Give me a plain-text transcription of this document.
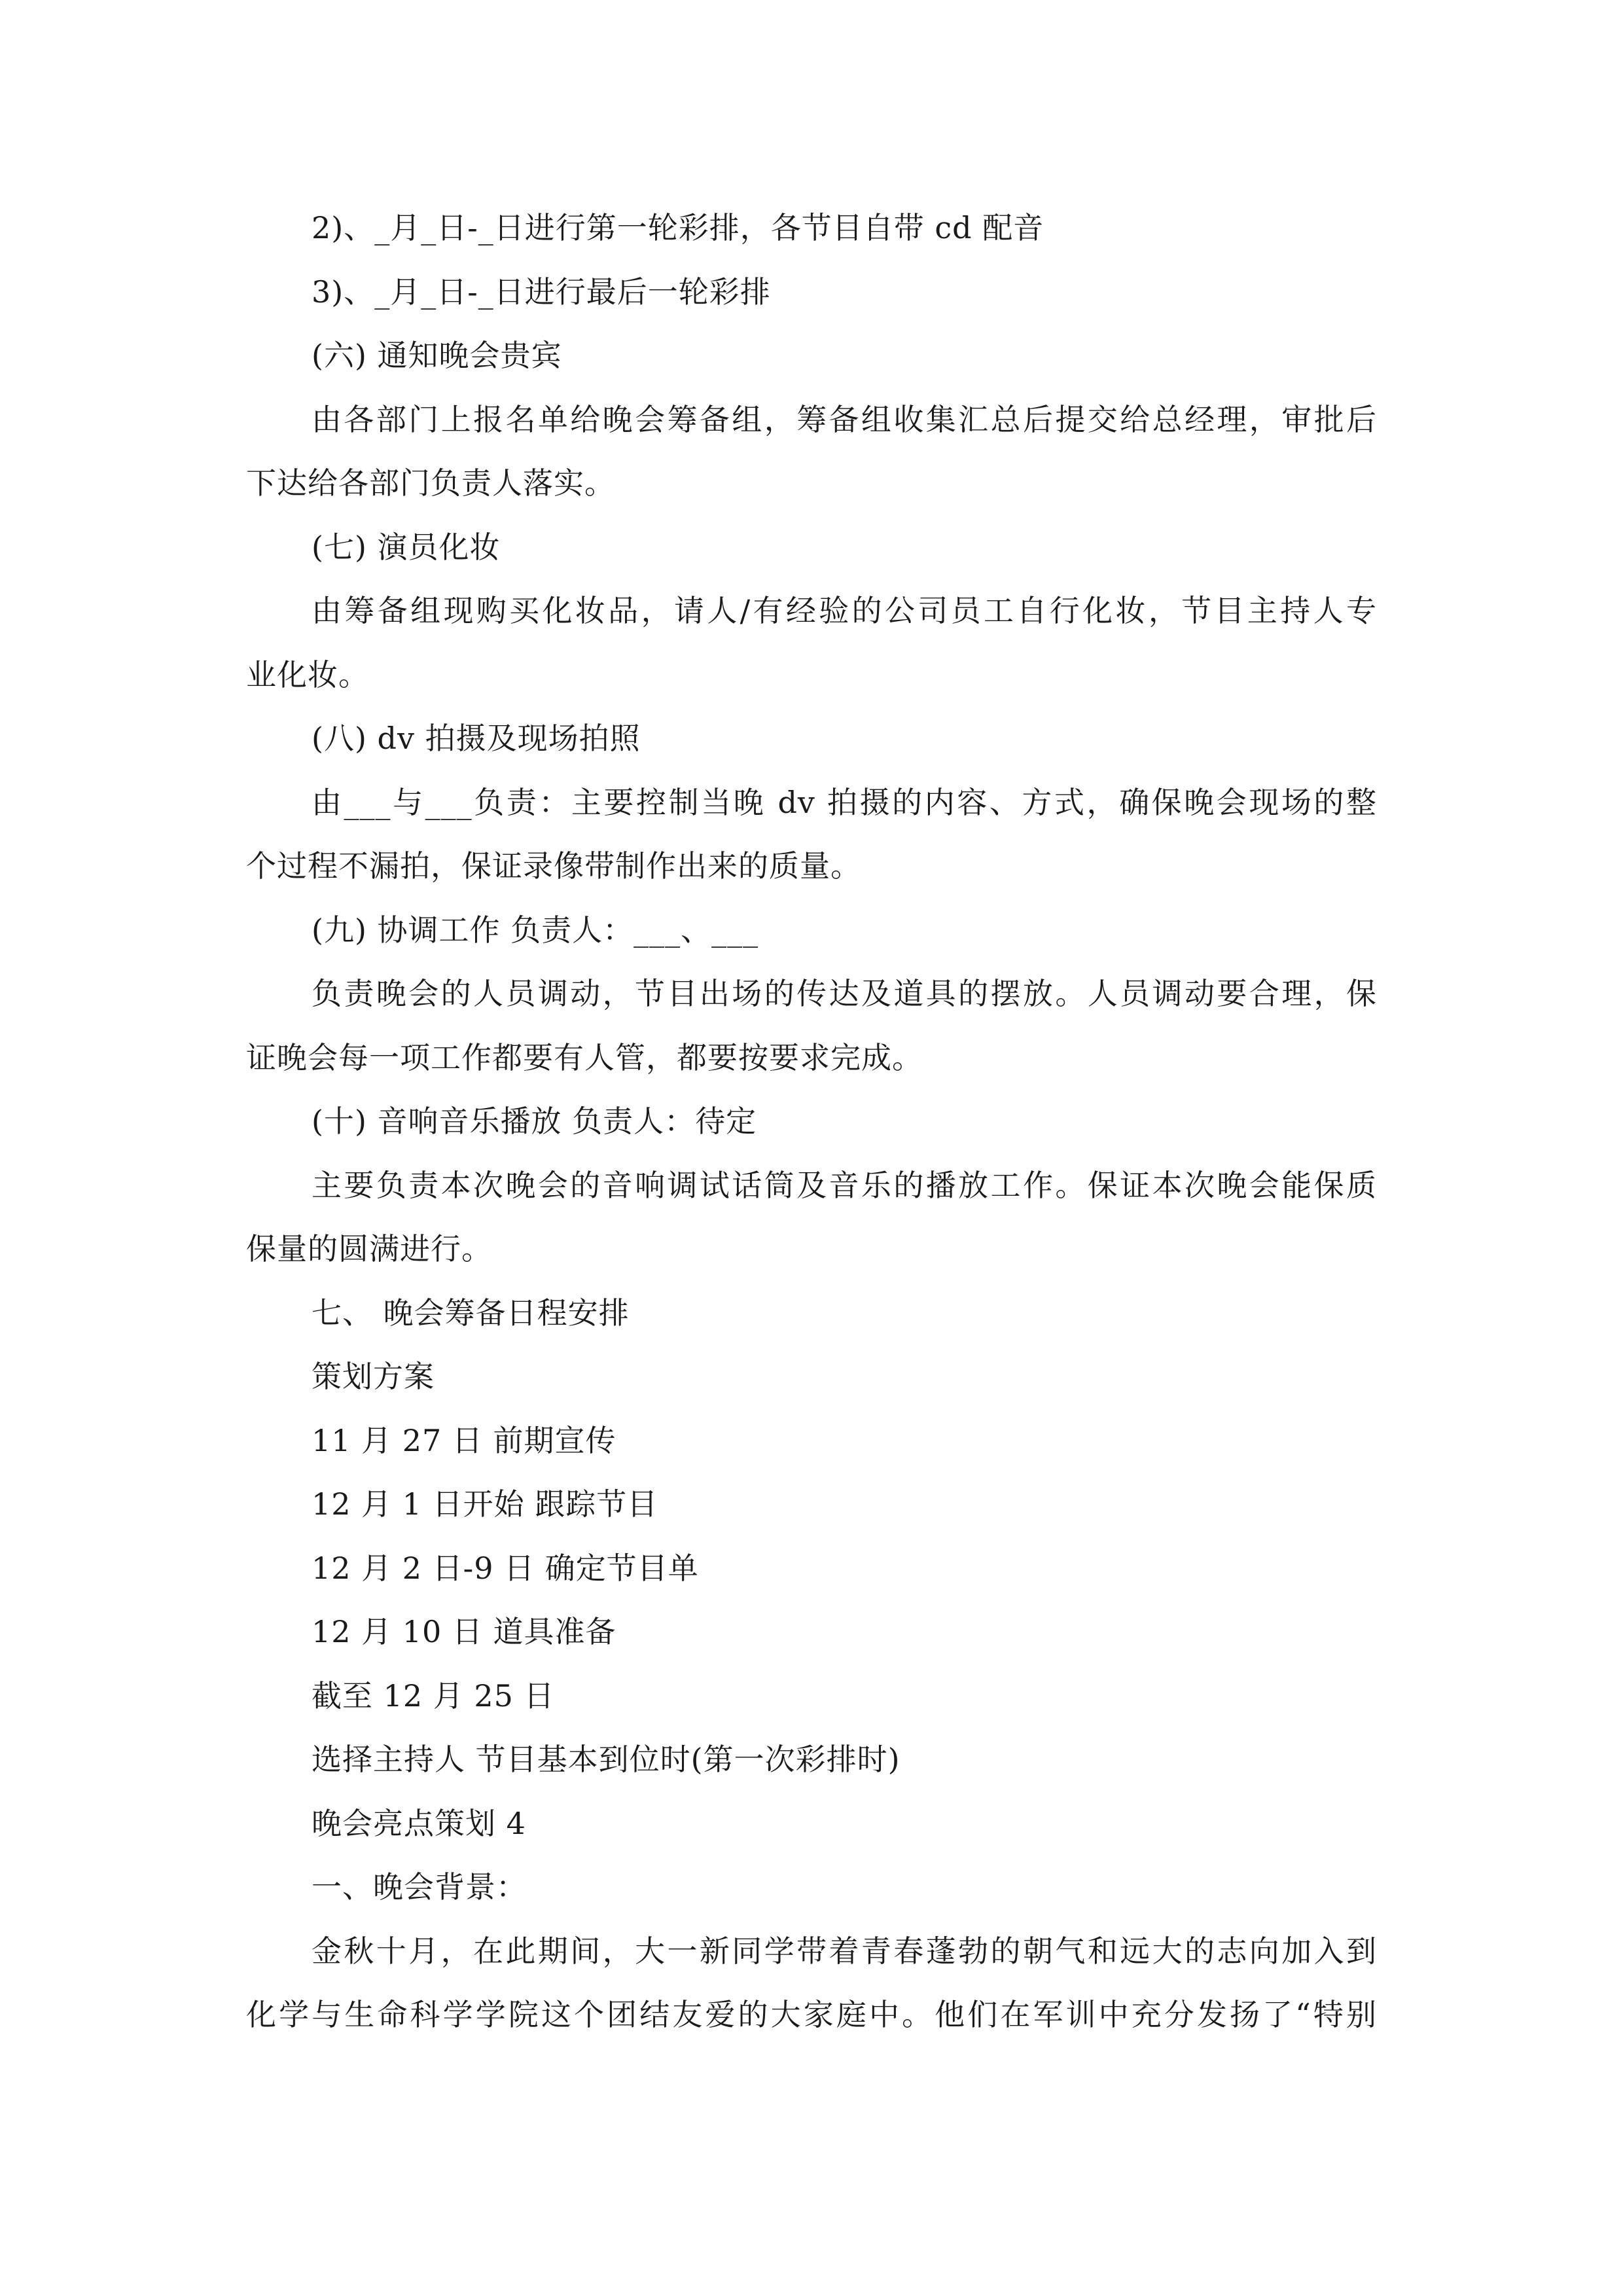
2)、_月_日-_日进行第一轮彩排，各节目自带 cd 配音
3)、_月_日-_日进行最后一轮彩排
(六) 通知晚会贵宾
由各部门上报名单给晚会筹备组，筹备组收集汇总后提交给总经理，审批后
下达给各部门负责人落实。
(七) 演员化妆
由筹备组现购买化妆品，请人/有经验的公司员工自行化妆，节目主持人专
业化妆。
(八) dv 拍摄及现场拍照
由___与___负责：主要控制当晚 dv 拍摄的内容、方式，确保晚会现场的整
个过程不漏拍，保证录像带制作出来的质量。
(九) 协调工作 负责人：___、___
负责晚会的人员调动，节目出场的传达及道具的摆放。人员调动要合理，保
证晚会每一项工作都要有人管，都要按要求完成。
(十) 音响音乐播放 负责人：待定
主要负责本次晚会的音响调试话筒及音乐的播放工作。保证本次晚会能保质
保量的圆满进行。
七、 晚会筹备日程安排
策划方案
11 月 27 日 前期宣传
12 月 1 日开始 跟踪节目
12 月 2 日-9 日 确定节目单
12 月 10 日 道具准备
截至 12 月 25 日
选择主持人 节目基本到位时(第一次彩排时)
晚会亮点策划 4
一、晚会背景：
金秋十月，在此期间，大一新同学带着青春蓬勃的朝气和远大的志向加入到
化学与生命科学学院这个团结友爱的大家庭中。他们在军训中充分发扬了“特别
